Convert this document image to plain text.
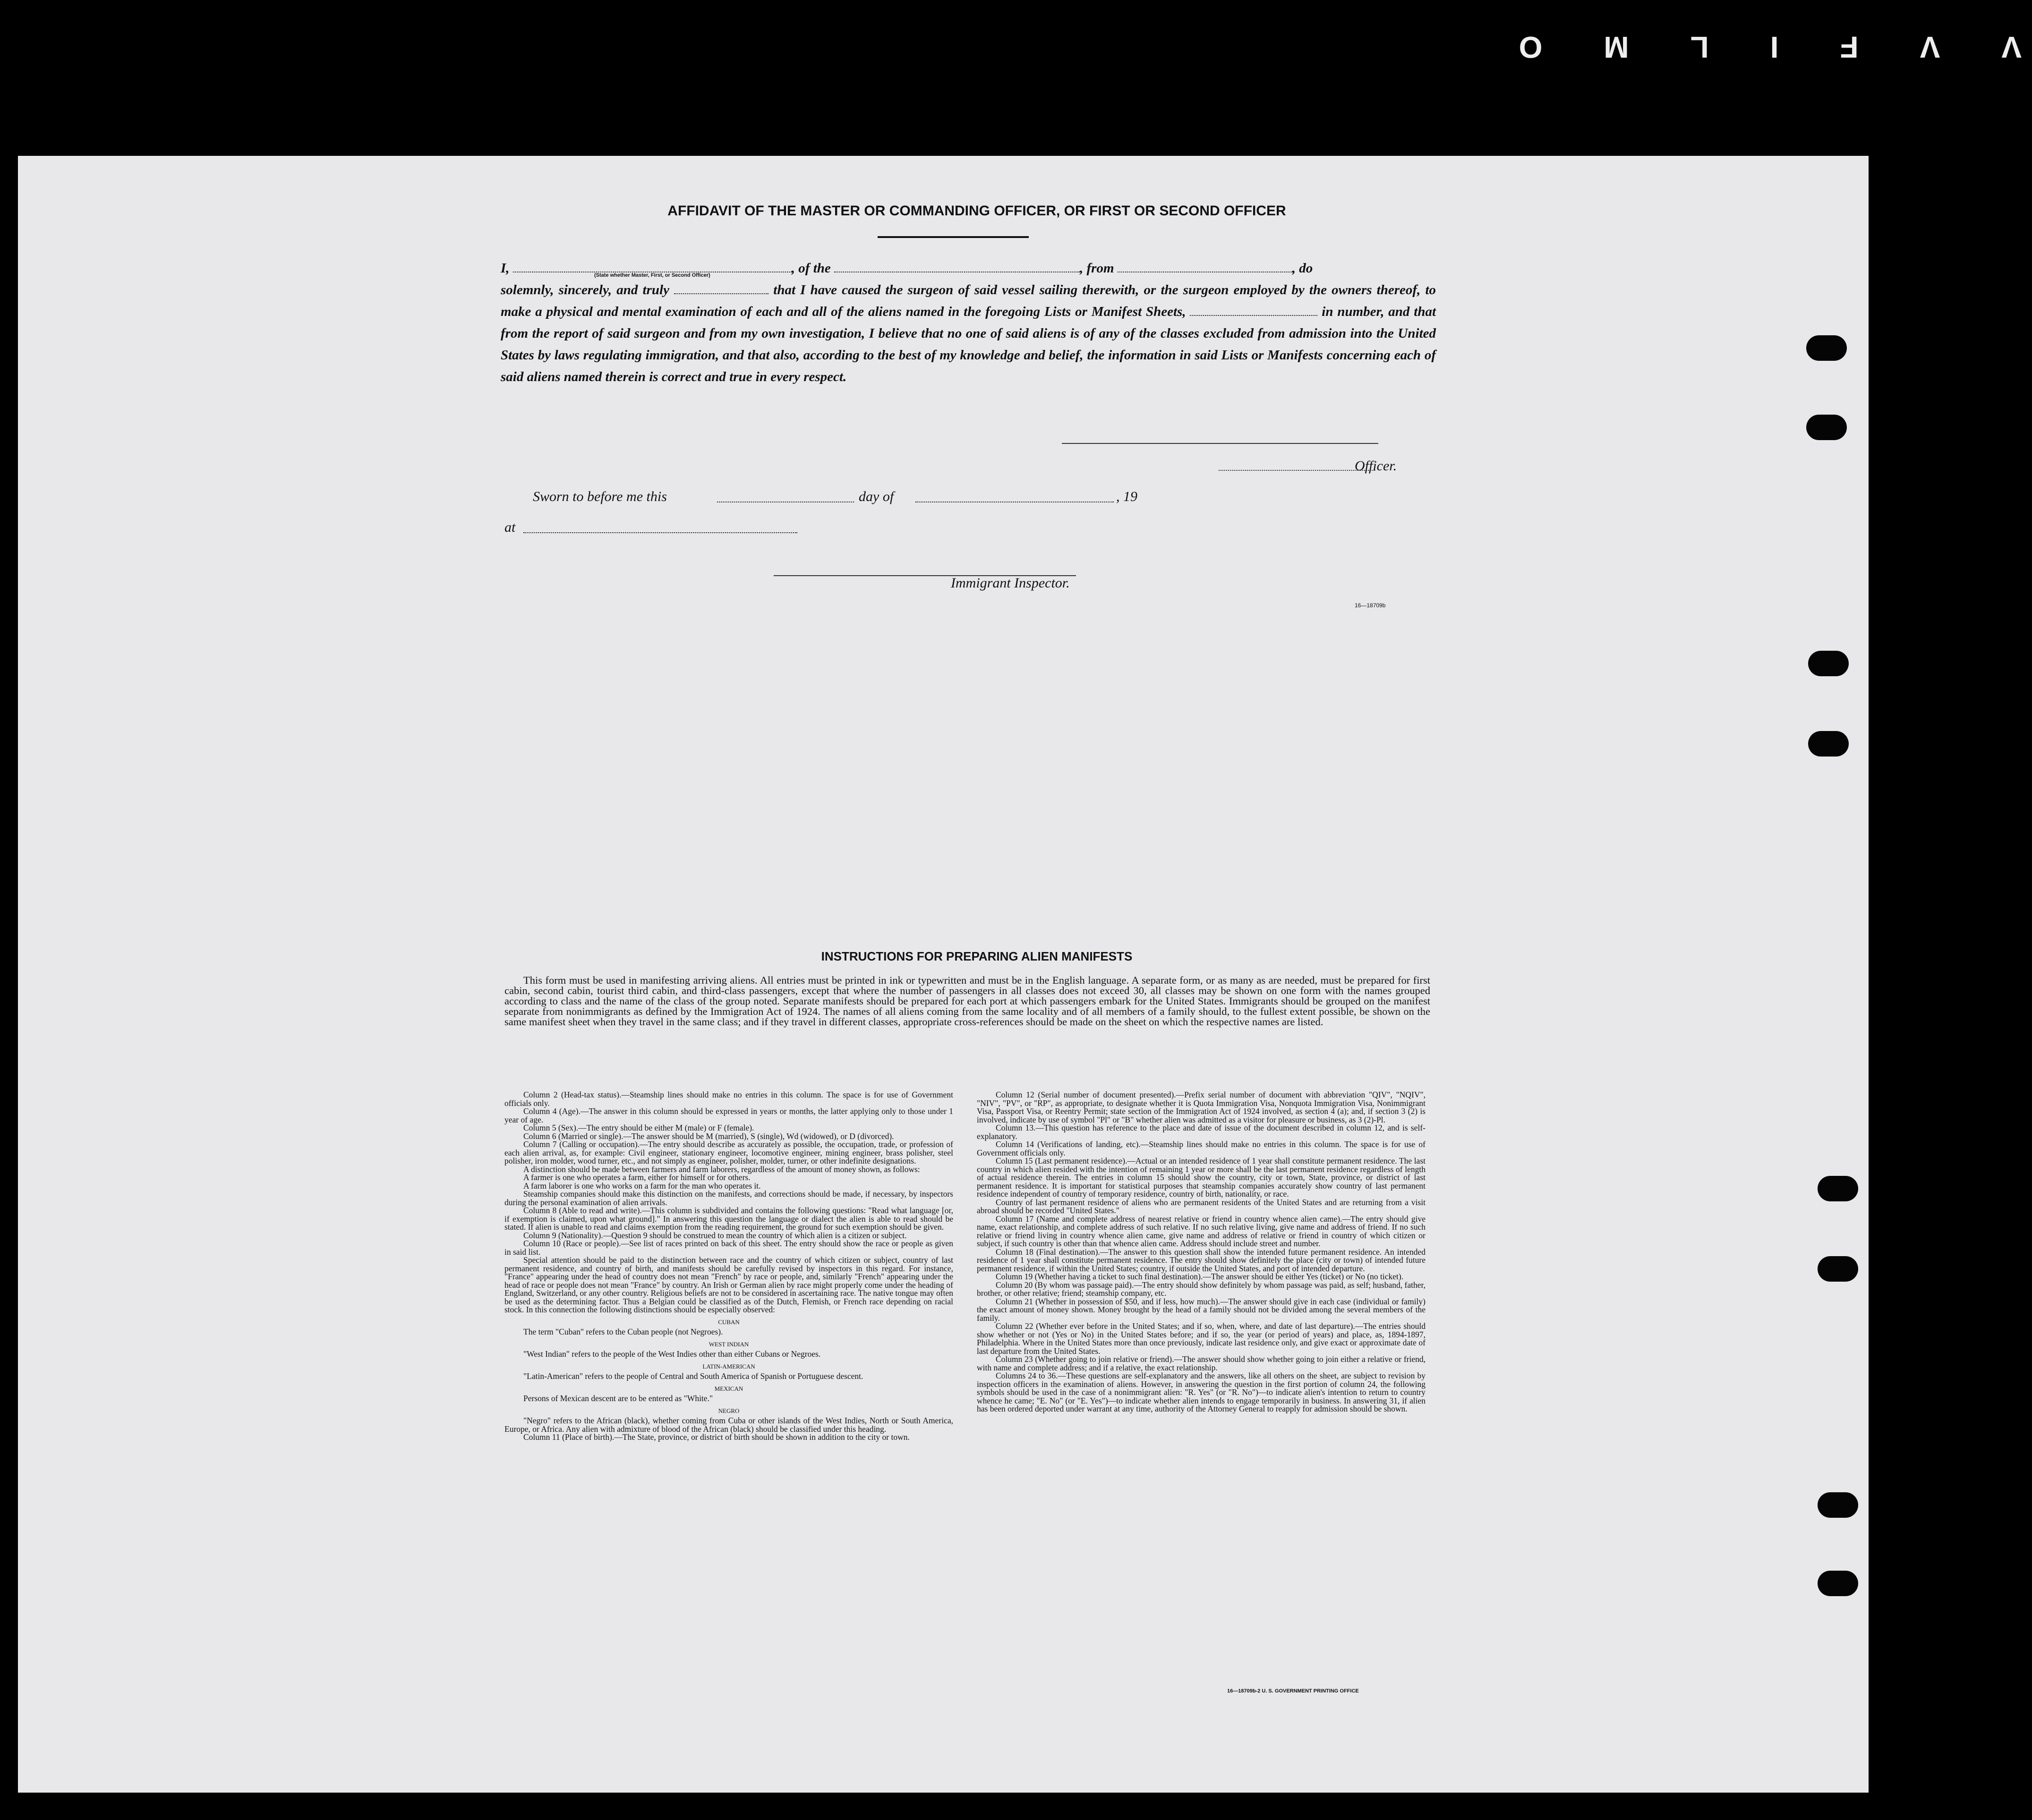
V
V
F
I
L
M
O
AFFIDAVIT OF THE MASTER OR COMMANDING OFFICER, OR FIRST OR SECOND OFFICER
I,	, of the	, from	, do
solemnly, sincerely, and truly	that I have caused the surgeon of said vessel sailing therewith, or the surgeon employed by the owners thereof, to make a physical and mental examination of each and all of the aliens named in the foregoing Lists or Manifest Sheets,	in number, and that from the report of said surgeon and from my own investigation, I believe that no one of said aliens is of any of the classes excluded from admission into the United States by laws regulating immigration, and that also, according to the best of my knowledge and belief, the information in said Lists or Manifests concerning each of said aliens named therein is correct and true in every respect.
(State whether Master, First, or Second Officer)
Officer.
Sworn to before me this	day of	, 19
at
Immigrant Inspector.
16—18709b
INSTRUCTIONS FOR PREPARING ALIEN MANIFESTS
This form must be used in manifesting arriving aliens. All entries must be printed in ink or typewritten and must be in the English language. A separate form, or as many as are needed, must be prepared for first cabin, second cabin, tourist third cabin, and third-class passengers, except that where the number of passengers in all classes does not exceed 30, all classes may be shown on one form with the names grouped according to class and the name of the class of the group noted. Separate manifests should be prepared for each port at which passengers embark for the United States. Immigrants should be grouped on the manifest separate from nonimmigrants as defined by the Immigration Act of 1924. The names of all aliens coming from the same locality and of all members of a family should, to the fullest extent possible, be shown on the same manifest sheet when they travel in the same class; and if they travel in different classes, appropriate cross-references should be made on the sheet on which the respective names are listed.

Column 2 (Head-tax status).—Steamship lines should make no entries in this column. The space is for use of Government officials only.

Column 4 (Age).—The answer in this column should be expressed in years or months, the latter applying only to those under 1 year of age.

Column 5 (Sex).—The entry should be either M (male) or F (female).

Column 6 (Married or single).—The answer should be M (married), S (single), Wd (widowed), or D (divorced).

Column 7 (Calling or occupation).—The entry should describe as accurately as possible, the occupation, trade, or profession of each alien arrival, as, for example: Civil engineer, stationary engineer, locomotive engineer, mining engineer, brass polisher, steel polisher, iron molder, wood turner, etc., and not simply as engineer, polisher, molder, turner, or other indefinite designations.

A distinction should be made between farmers and farm laborers, regardless of the amount of money shown, as follows:

A farmer is one who operates a farm, either for himself or for others.

A farm laborer is one who works on a farm for the man who operates it.

Steamship companies should make this distinction on the manifests, and corrections should be made, if necessary, by inspectors during the personal examination of alien arrivals.

Column 8 (Able to read and write).—This column is subdivided and contains the following questions: "Read what language [or, if exemption is claimed, upon what ground]." In answering this question the language or dialect the alien is able to read should be stated. If alien is unable to read and claims exemption from the reading requirement, the ground for such exemption should be given.

Column 9 (Nationality).—Question 9 should be construed to mean the country of which alien is a citizen or subject.

Column 10 (Race or people).—See list of races printed on back of this sheet. The entry should show the race or people as given in said list.

Special attention should be paid to the distinction between race and the country of which citizen or subject, country of last permanent residence, and country of birth, and manifests should be carefully revised by inspectors in this regard. For instance, "France" appearing under the head of country does not mean "French" by race or people, and, similarly "French" appearing under the head of race or people does not mean "France" by country. An Irish or German alien by race might properly come under the heading of England, Switzerland, or any other country. Religious beliefs are not to be considered in ascertaining race. The native tongue may often be used as the determining factor. Thus a Belgian could be classified as of the Dutch, Flemish, or French race depending on racial stock. In this connection the following distinctions should be especially observed:

CUBAN

The term "Cuban" refers to the Cuban people (not Negroes).

WEST INDIAN

"West Indian" refers to the people of the West Indies other than either Cubans or Negroes.

LATIN-AMERICAN

"Latin-American" refers to the people of Central and South America of Spanish or Portuguese descent.

MEXICAN

Persons of Mexican descent are to be entered as "White."

NEGRO

"Negro" refers to the African (black), whether coming from Cuba or other islands of the West Indies, North or South America, Europe, or Africa. Any alien with admixture of blood of the African (black) should be classified under this heading.

Column 11 (Place of birth).—The State, province, or district of birth should be shown in addition to the city or town.

Column 12 (Serial number of document presented).—Prefix serial number of document with abbreviation "QIV", "NQIV", "NIV", "PV", or "RP", as appropriate, to designate whether it is Quota Immigration Visa, Nonquota Immigration Visa, Nonimmigrant Visa, Passport Visa, or Reentry Permit; state section of the Immigration Act of 1924 involved, as section 4 (a); and, if section 3 (2) is involved, indicate by use of symbol "Pl" or "B" whether alien was admitted as a visitor for pleasure or business, as 3 (2)-Pl.

Column 13.—This question has reference to the place and date of issue of the document described in column 12, and is self-explanatory.

Column 14 (Verifications of landing, etc).—Steamship lines should make no entries in this column. The space is for use of Government officials only.

Column 15 (Last permanent residence).—Actual or an intended residence of 1 year shall constitute permanent residence. The last country in which alien resided with the intention of remaining 1 year or more shall be the last permanent residence regardless of length of actual residence therein. The entries in column 15 should show the country, city or town, State, province, or district of last permanent residence. It is important for statistical purposes that steamship companies accurately show country of last permanent residence independent of country of temporary residence, country of birth, nationality, or race.

Country of last permanent residence of aliens who are permanent residents of the United States and are returning from a visit abroad should be recorded "United States."

Column 17 (Name and complete address of nearest relative or friend in country whence alien came).—The entry should give name, exact relationship, and complete address of such relative. If no such relative living, give name and address of friend. If no such relative or friend living in country whence alien came, give name and address of relative or friend in country of which citizen or subject, if such country is other than that whence alien came. Address should include street and number.

Column 18 (Final destination).—The answer to this question shall show the intended future permanent residence. An intended residence of 1 year shall constitute permanent residence. The entry should show definitely the place (city or town) of intended future permanent residence, if within the United States; country, if outside the United States, and port of intended departure.

Column 19 (Whether having a ticket to such final destination).—The answer should be either Yes (ticket) or No (no ticket).

Column 20 (By whom was passage paid).—The entry should show definitely by whom passage was paid, as self; husband, father, brother, or other relative; friend; steamship company, etc.

Column 21 (Whether in possession of $50, and if less, how much).—The answer should give in each case (individual or family) the exact amount of money shown. Money brought by the head of a family should not be divided among the several members of the family.

Column 22 (Whether ever before in the United States; and if so, when, where, and date of last departure).—The entries should show whether or not (Yes or No) in the United States before; and if so, the year (or period of years) and place, as, 1894-1897, Philadelphia. Where in the United States more than once previously, indicate last residence only, and give exact or approximate date of last departure from the United States.

Column 23 (Whether going to join relative or friend).—The answer should show whether going to join either a relative or friend, with name and complete address; and if a relative, the exact relationship.

Columns 24 to 36.—These questions are self-explanatory and the answers, like all others on the sheet, are subject to revision by inspection officers in the examination of aliens. However, in answering the question in the first portion of column 24, the following symbols should be used in the case of a nonimmigrant alien: "R. Yes" (or "R. No")—to indicate alien's intention to return to country whence he came; "E. No" (or "E. Yes")—to indicate whether alien intends to engage temporarily in business. In answering 31, if alien has been ordered deported under warrant at any time, authority of the Attorney General to reapply for admission should be shown.

16—18709b-2 U. S. GOVERNMENT PRINTING OFFICE
